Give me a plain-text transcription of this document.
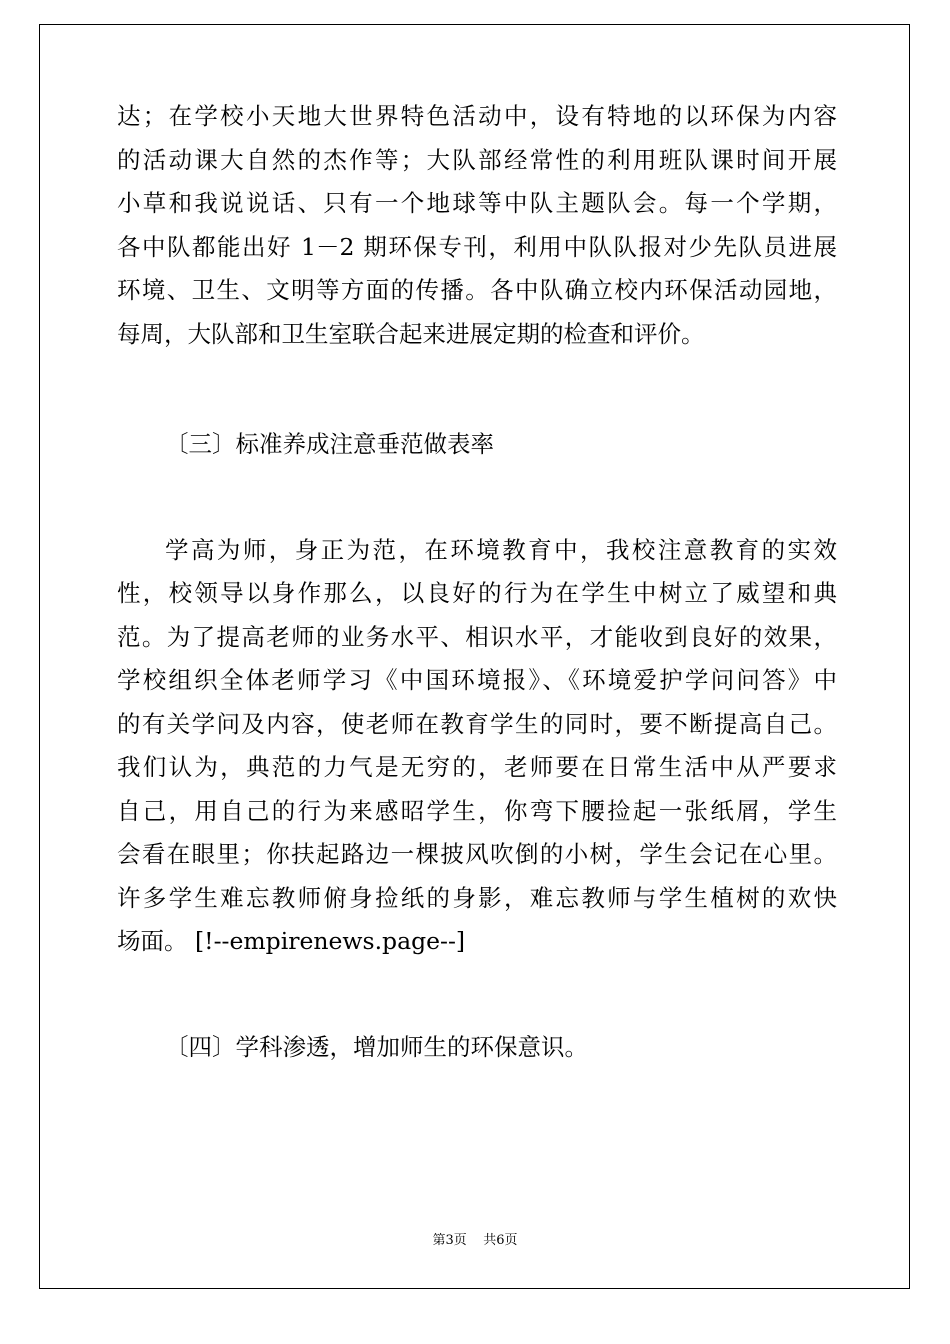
达；在学校小天地大世界特色活动中，设有特地的以环保为内容
的活动课大自然的杰作等；大队部经常性的利用班队课时间开展
小草和我说说话、只有一个地球等中队主题队会。每一个学期，
各中队都能出好 1－2 期环保专刊，利用中队队报对少先队员进展
环境、卫生、文明等方面的传播。各中队确立校内环保活动园地，
每周，大队部和卫生室联合起来进展定期的检查和评价。
〔三〕标准养成注意垂范做表率
学高为师，身正为范，在环境教育中，我校注意教育的实效
性，校领导以身作那么，以良好的行为在学生中树立了威望和典
范。为了提高老师的业务水平、相识水平，才能收到良好的效果，
学校组织全体老师学习《中国环境报》、《环境爱护学问问答》中
的有关学问及内容，使老师在教育学生的同时，要不断提高自己。
我们认为，典范的力气是无穷的，老师要在日常生活中从严要求
自己，用自己的行为来感昭学生，你弯下腰捡起一张纸屑，学生
会看在眼里；你扶起路边一棵披风吹倒的小树，学生会记在心里。
许多学生难忘教师俯身捡纸的身影，难忘教师与学生植树的欢快
场面。 [!--empirenews.page--]
〔四〕学科渗透，增加师生的环保意识。
第3页    共6页
